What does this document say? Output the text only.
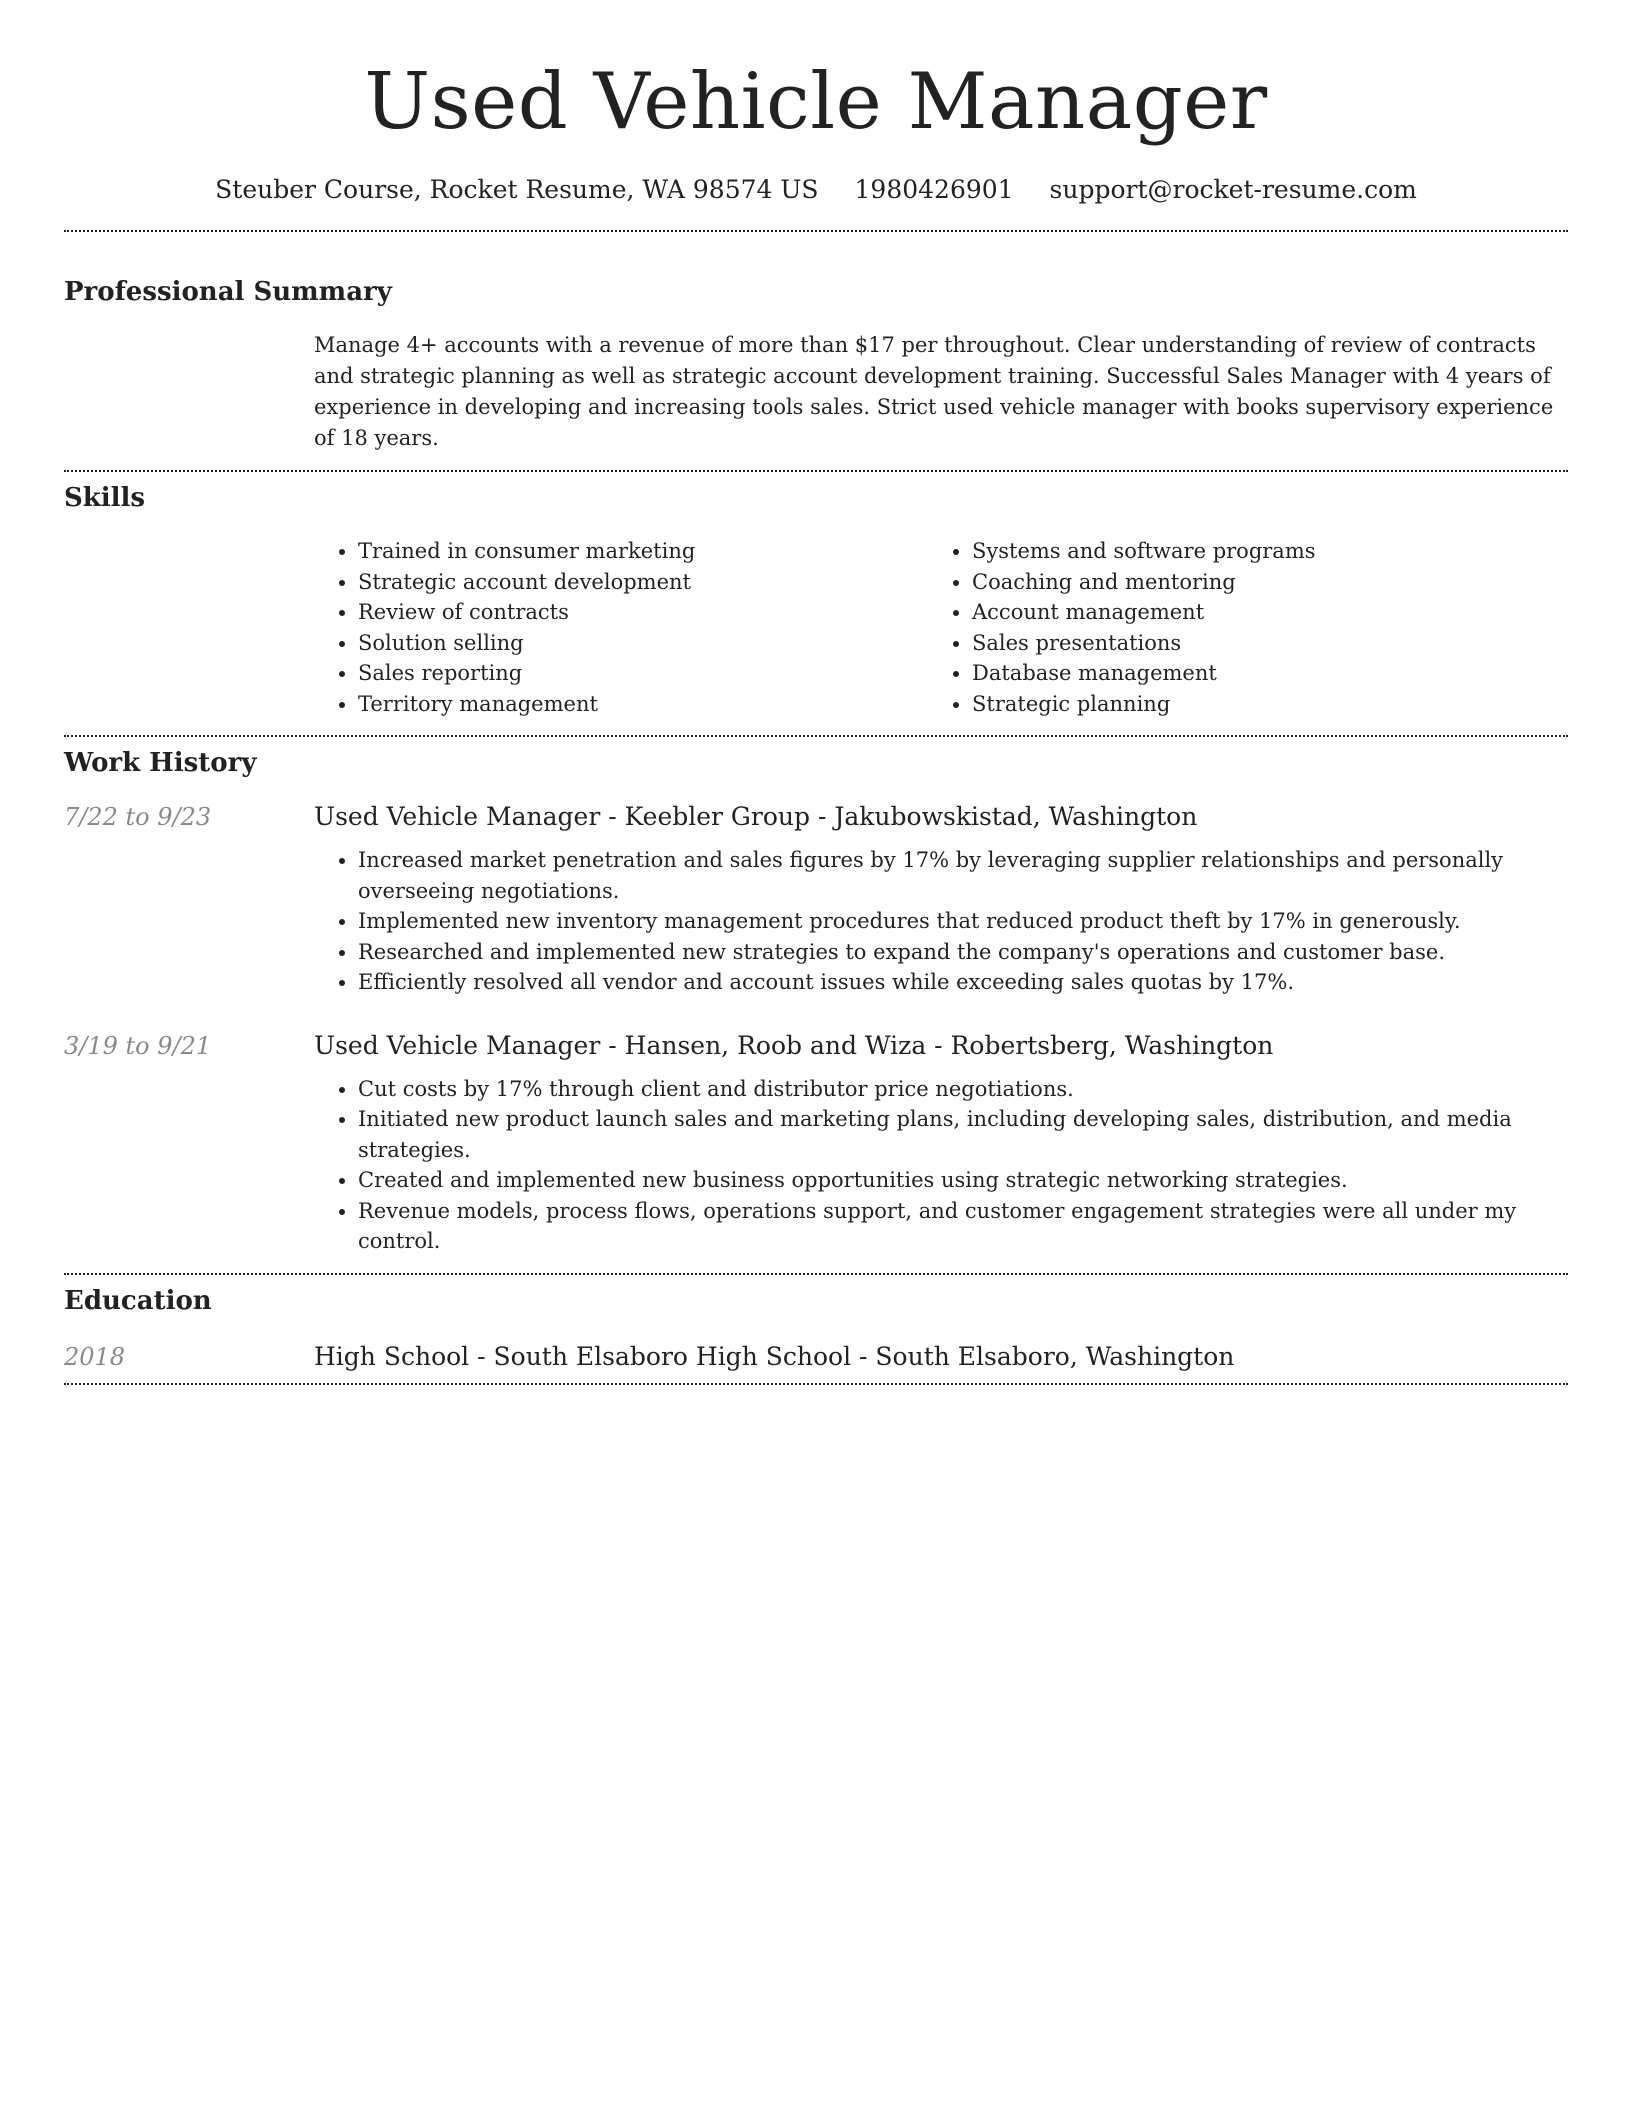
Used Vehicle Manager
Steuber Course, Rocket Resume, WA 98574 US 1980426901 support@rocket-resume.com
Professional Summary

Manage 4+ accounts with a revenue of more than $17 per throughout. Clear understanding of review of contracts and strategic planning as well as strategic account development training. Successful Sales Manager with 4 years of experience in developing and increasing tools sales. Strict used vehicle manager with books supervisory experience of 18 years.

Skills
• Trained in consumer marketing
• Strategic account development
• Review of contracts
• Solution selling
• Sales reporting
• Territory management
• Systems and software programs
• Coaching and mentoring
• Account management
• Sales presentations
• Database management
• Strategic planning
Work History
7/22 to 9/23	Used Vehicle Manager - Keebler Group - Jakubowskistad, Washington
• Increased market penetration and sales figures by 17% by leveraging supplier relationships and personally overseeing negotiations.
• Implemented new inventory management procedures that reduced product theft by 17% in generously.
• Researched and implemented new strategies to expand the company's operations and customer base.
• Efficiently resolved all vendor and account issues while exceeding sales quotas by 17%.
3/19 to 9/21	Used Vehicle Manager - Hansen, Roob and Wiza - Robertsberg, Washington
• Cut costs by 17% through client and distributor price negotiations.
• Initiated new product launch sales and marketing plans, including developing sales, distribution, and media strategies.
• Created and implemented new business opportunities using strategic networking strategies.
• Revenue models, process flows, operations support, and customer engagement strategies were all under my control.
Education
2018	High School - South Elsaboro High School - South Elsaboro, Washington
